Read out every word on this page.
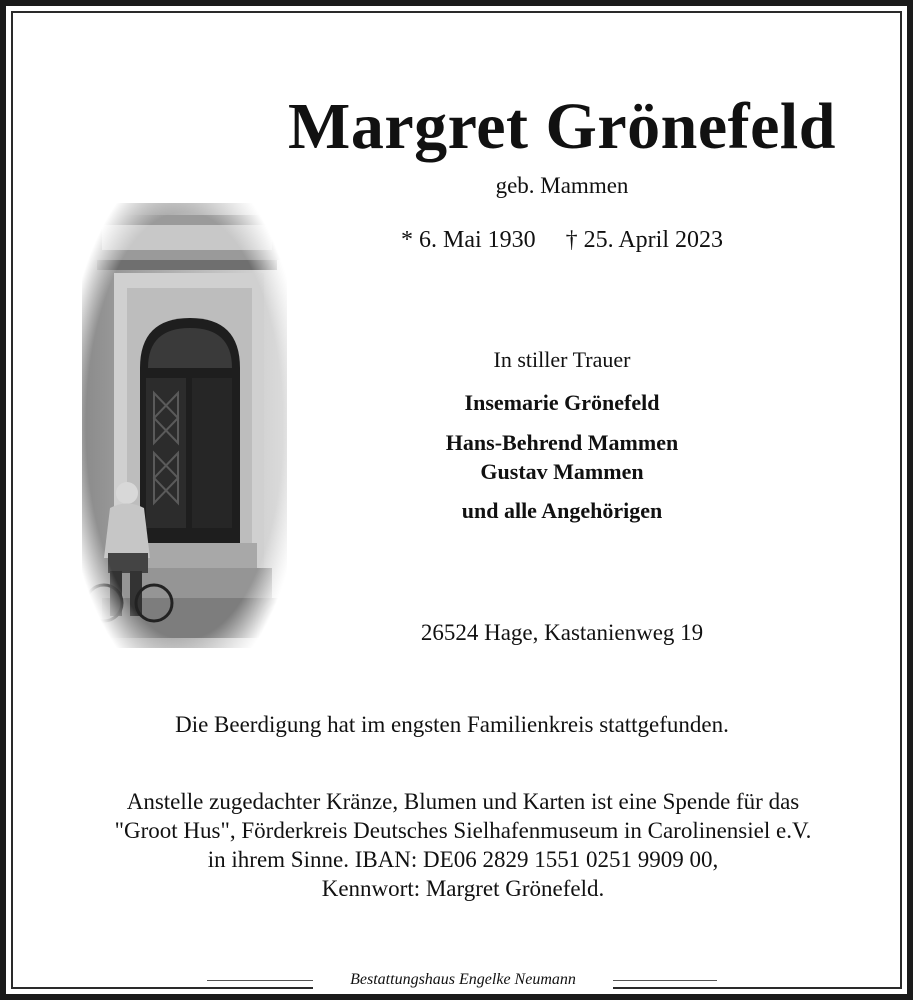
Margret Grönefeld
geb. Mammen
* 6. Mai 1930 † 25. April 2023
In stiller Trauer
Insemarie Grönefeld
Hans-Behrend Mammen
Gustav Mammen
und alle Angehörigen
26524 Hage, Kastanienweg 19
Die Beerdigung hat im engsten Familienkreis stattgefunden.
Anstelle zugedachter Kränze, Blumen und Karten ist eine Spende für das
"Groot Hus", Förderkreis Deutsches Sielhafenmuseum in Carolinensiel e.V.
in ihrem Sinne. IBAN: DE06 2829 1551 0251 9909 00,
Kennwort: Margret Grönefeld.
Bestattungshaus Engelke Neumann
